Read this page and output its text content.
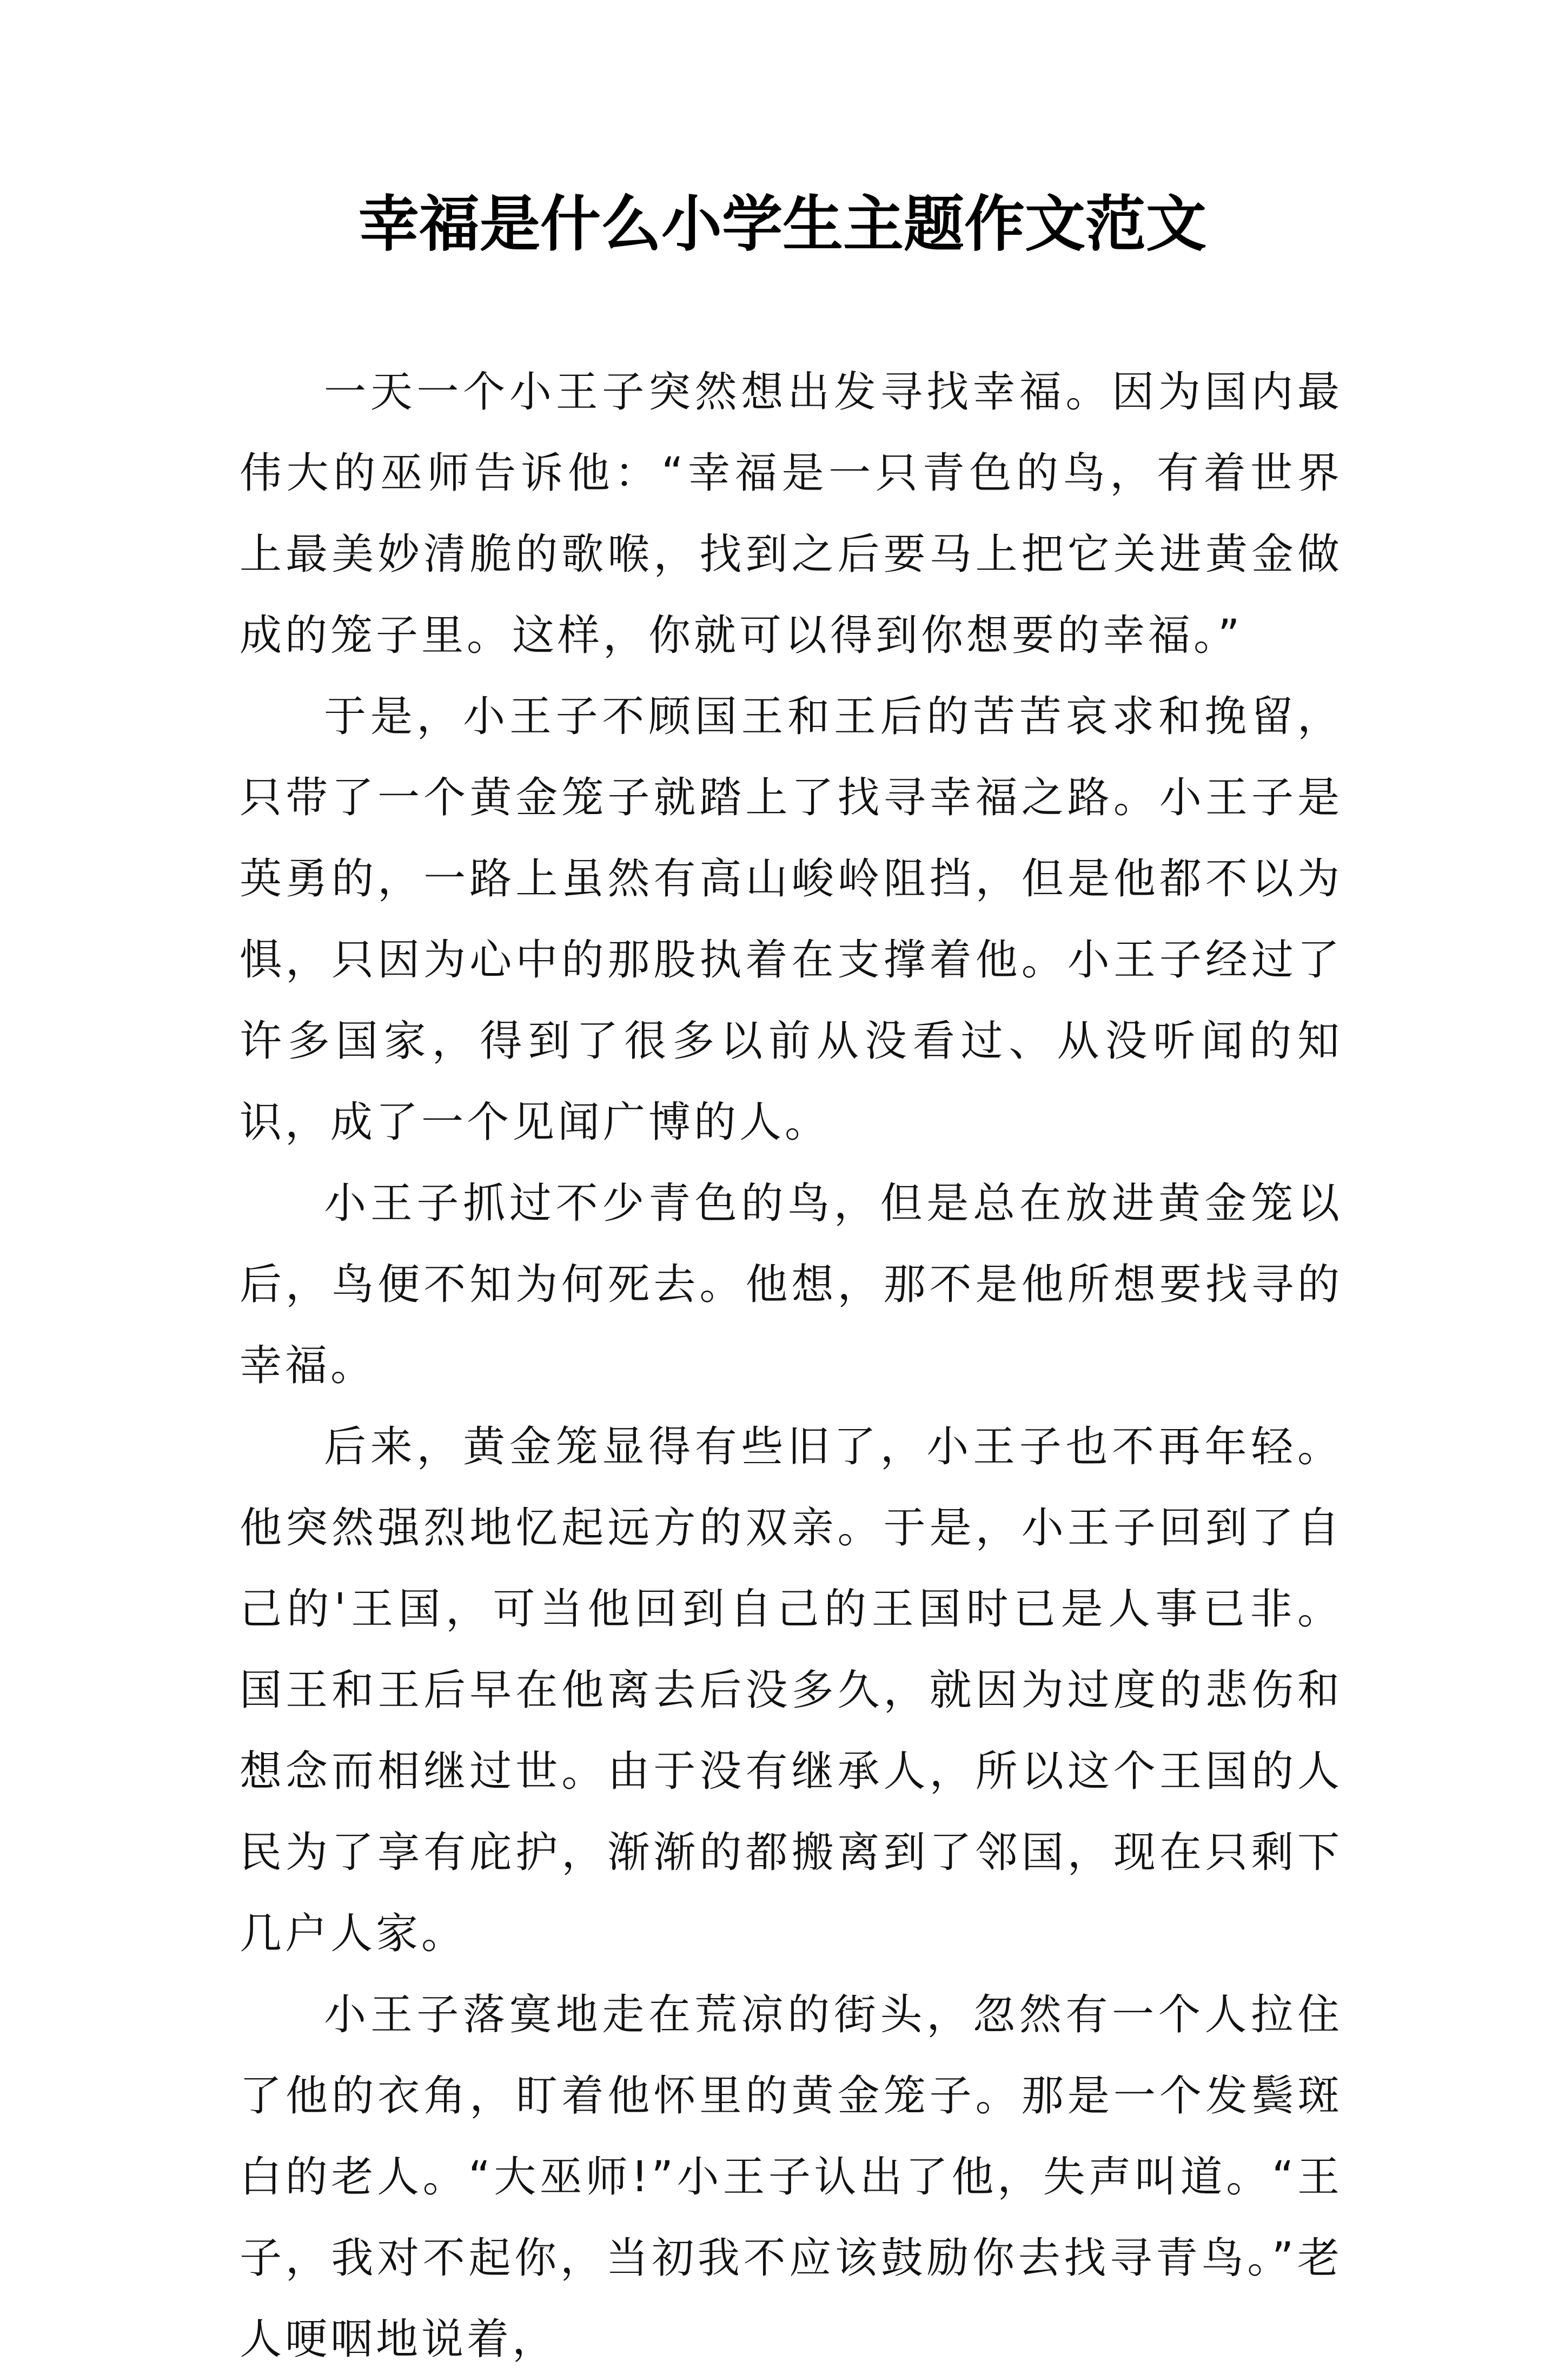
幸福是什么小学生主题作文范文

一天一个小王子突然想出发寻找幸福。因为国内最伟大的巫师告诉他：“幸福是一只青色的鸟，有着世界上最美妙清脆的歌喉，找到之后要马上把它关进黄金做成的笼子里。这样，你就可以得到你想要的幸福。”

于是，小王子不顾国王和王后的苦苦哀求和挽留，只带了一个黄金笼子就踏上了找寻幸福之路。小王子是英勇的，一路上虽然有高山峻岭阻挡，但是他都不以为惧，只因为心中的那股执着在支撑着他。小王子经过了许多国家，得到了很多以前从没看过、从没听闻的知识，成了一个见闻广博的人。

小王子抓过不少青色的鸟，但是总在放进黄金笼以后，鸟便不知为何死去。他想，那不是他所想要找寻的幸福。

后来，黄金笼显得有些旧了，小王子也不再年轻。他突然强烈地忆起远方的双亲。于是，小王子回到了自己的'王国，可当他回到自己的王国时已是人事已非。国王和王后早在他离去后没多久，就因为过度的悲伤和想念而相继过世。由于没有继承人，所以这个王国的人民为了享有庇护，渐渐的都搬离到了邻国，现在只剩下几户人家。

小王子落寞地走在荒凉的街头，忽然有一个人拉住了他的衣角，盯着他怀里的黄金笼子。那是一个发鬓斑白的老人。“大巫师!”小王子认出了他，失声叫道。“王子，我对不起你，当初我不应该鼓励你去找寻青鸟。”老人哽咽地说着，
